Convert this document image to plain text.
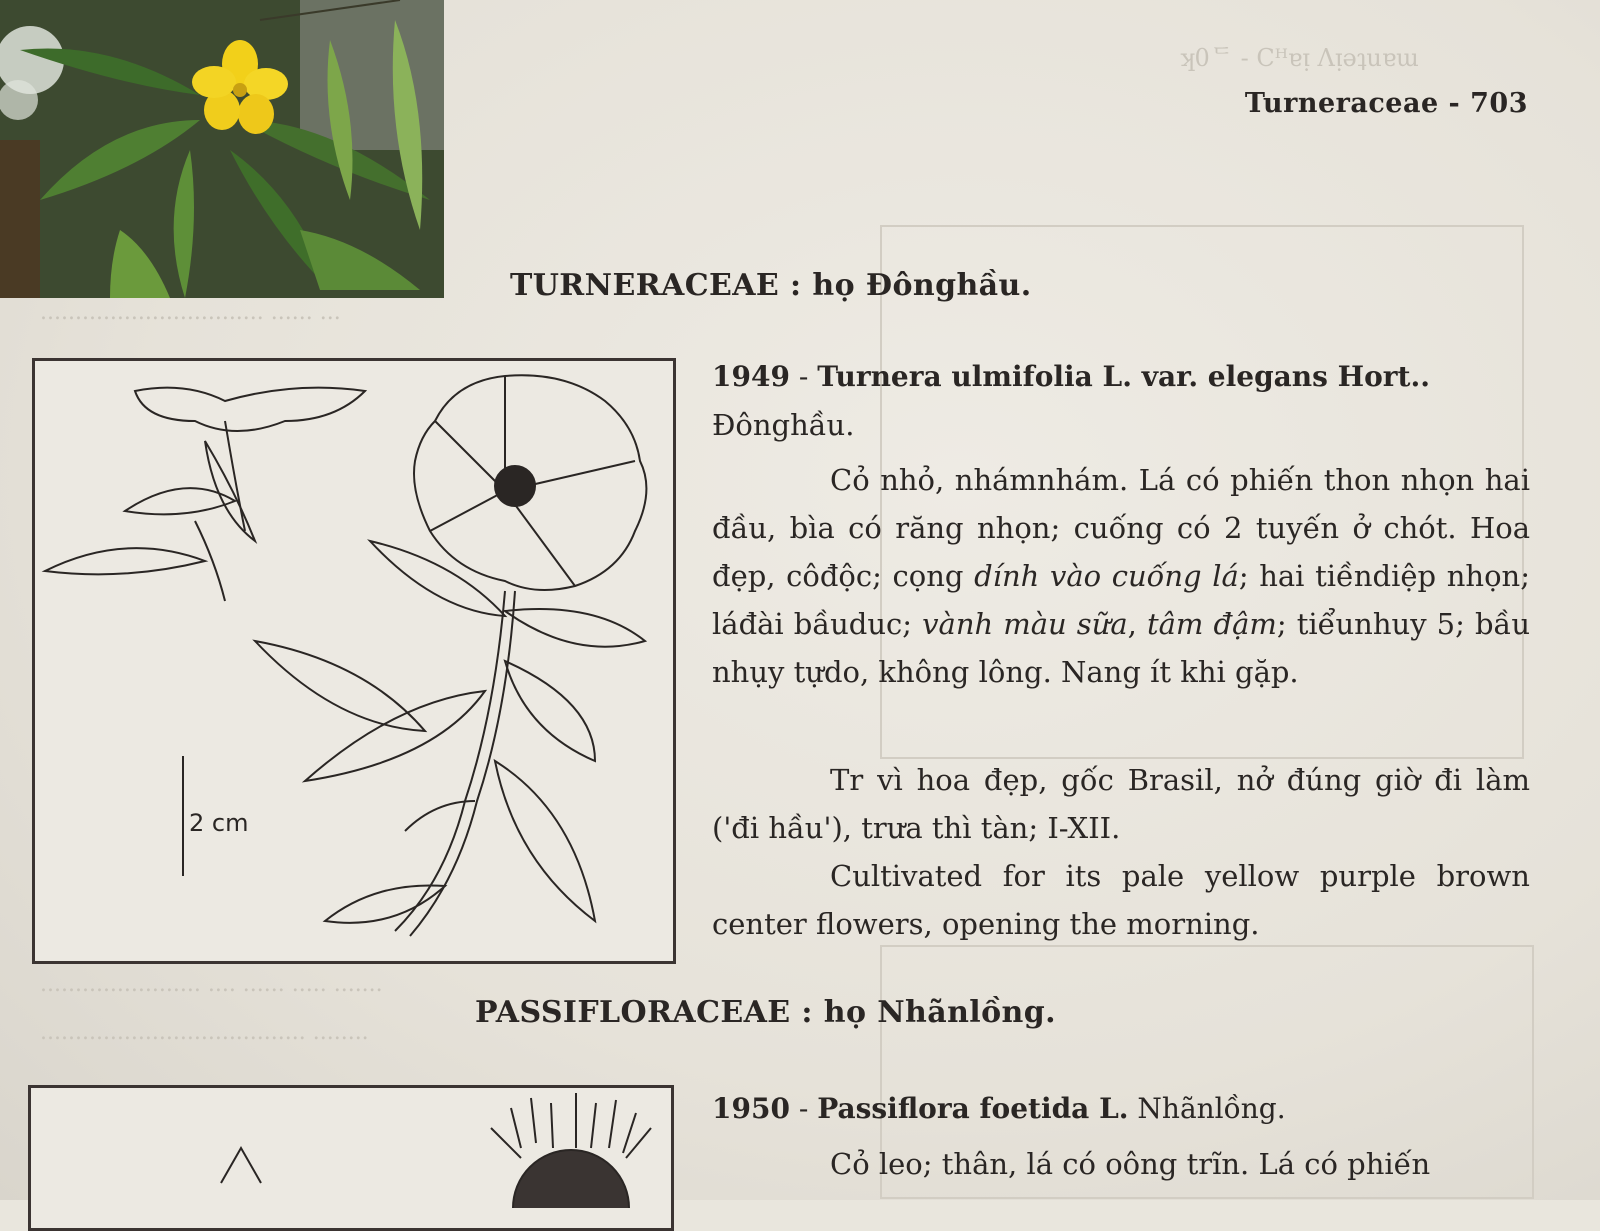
ʞ0ᄃ - Cᴴɐᴉ Ʌᴉǝʇuɐɯ
................................ ...... ...
....................... .... ...... ..... .......
...................................... ........
Turneraceae - 703
TURNERACEAE : họ Đônghầu.
2 cm
1949 - Turnera ulmifolia L. var. elegans Hort..
Đônghầu.
Cỏ nhỏ, nhámnhám. Lá có phiến thon nhọn hai đầu, bìa có răng nhọn; cuống có 2 tuyến ở chót. Hoa đẹp, côđộc; cọng dính vào cuống lá; hai tiềndiệp nhọn; láđài bầuduc; vành màu sữa, tâm đậm; tiểunhuy 5; bầu nhụy tựdo, không lông. Nang ít khi gặp.
Tr vì hoa đẹp, gốc Brasil, nở đúng giờ đi làm ('đi hầu'), trưa thì tàn; I-XII.
Cultivated for its pale yellow purple brown center flowers, opening the morning.
PASSIFLORACEAE : họ Nhãnlồng.
1950 - Passiflora foetida L. Nhãnlồng.
Cỏ leo; thân, lá có oông trĩn. Lá có phiến
